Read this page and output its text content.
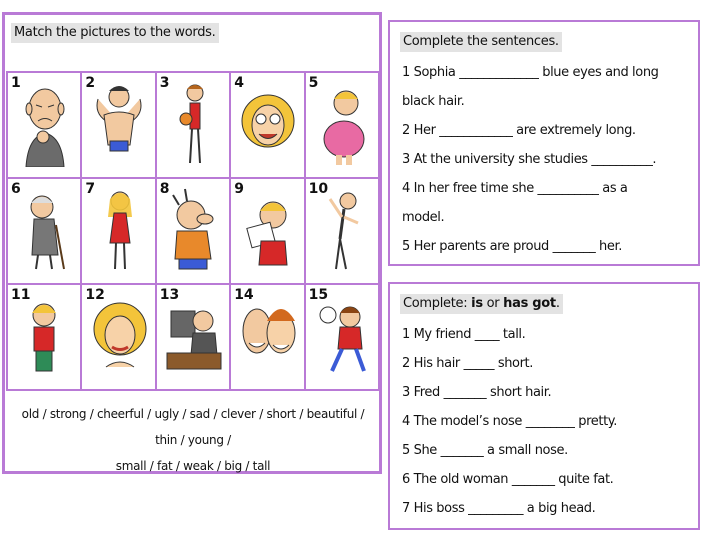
Match the pictures to the words.
1	2	3	4	5
6	7	8	9	10
11	12	13	14	15
old / strong / cheerful / ugly / sad / clever / short / beautiful /
thin / young /
small / fat / weak / big / tall
Complete the sentences.
1 Sophia _____________ blue eyes and long
black hair.
2 Her ____________ are extremely long.
3 At the university she studies __________.
4 In her free time she __________ as a
model.
5 Her parents are proud _______ her.
Complete: is or has got.
1 My friend ____ tall.
2 His hair _____ short.
3 Fred _______ short hair.
4 The model’s nose ________ pretty.
5 She _______ a small nose.
6 The old woman _______ quite fat.
7 His boss _________ a big head.
